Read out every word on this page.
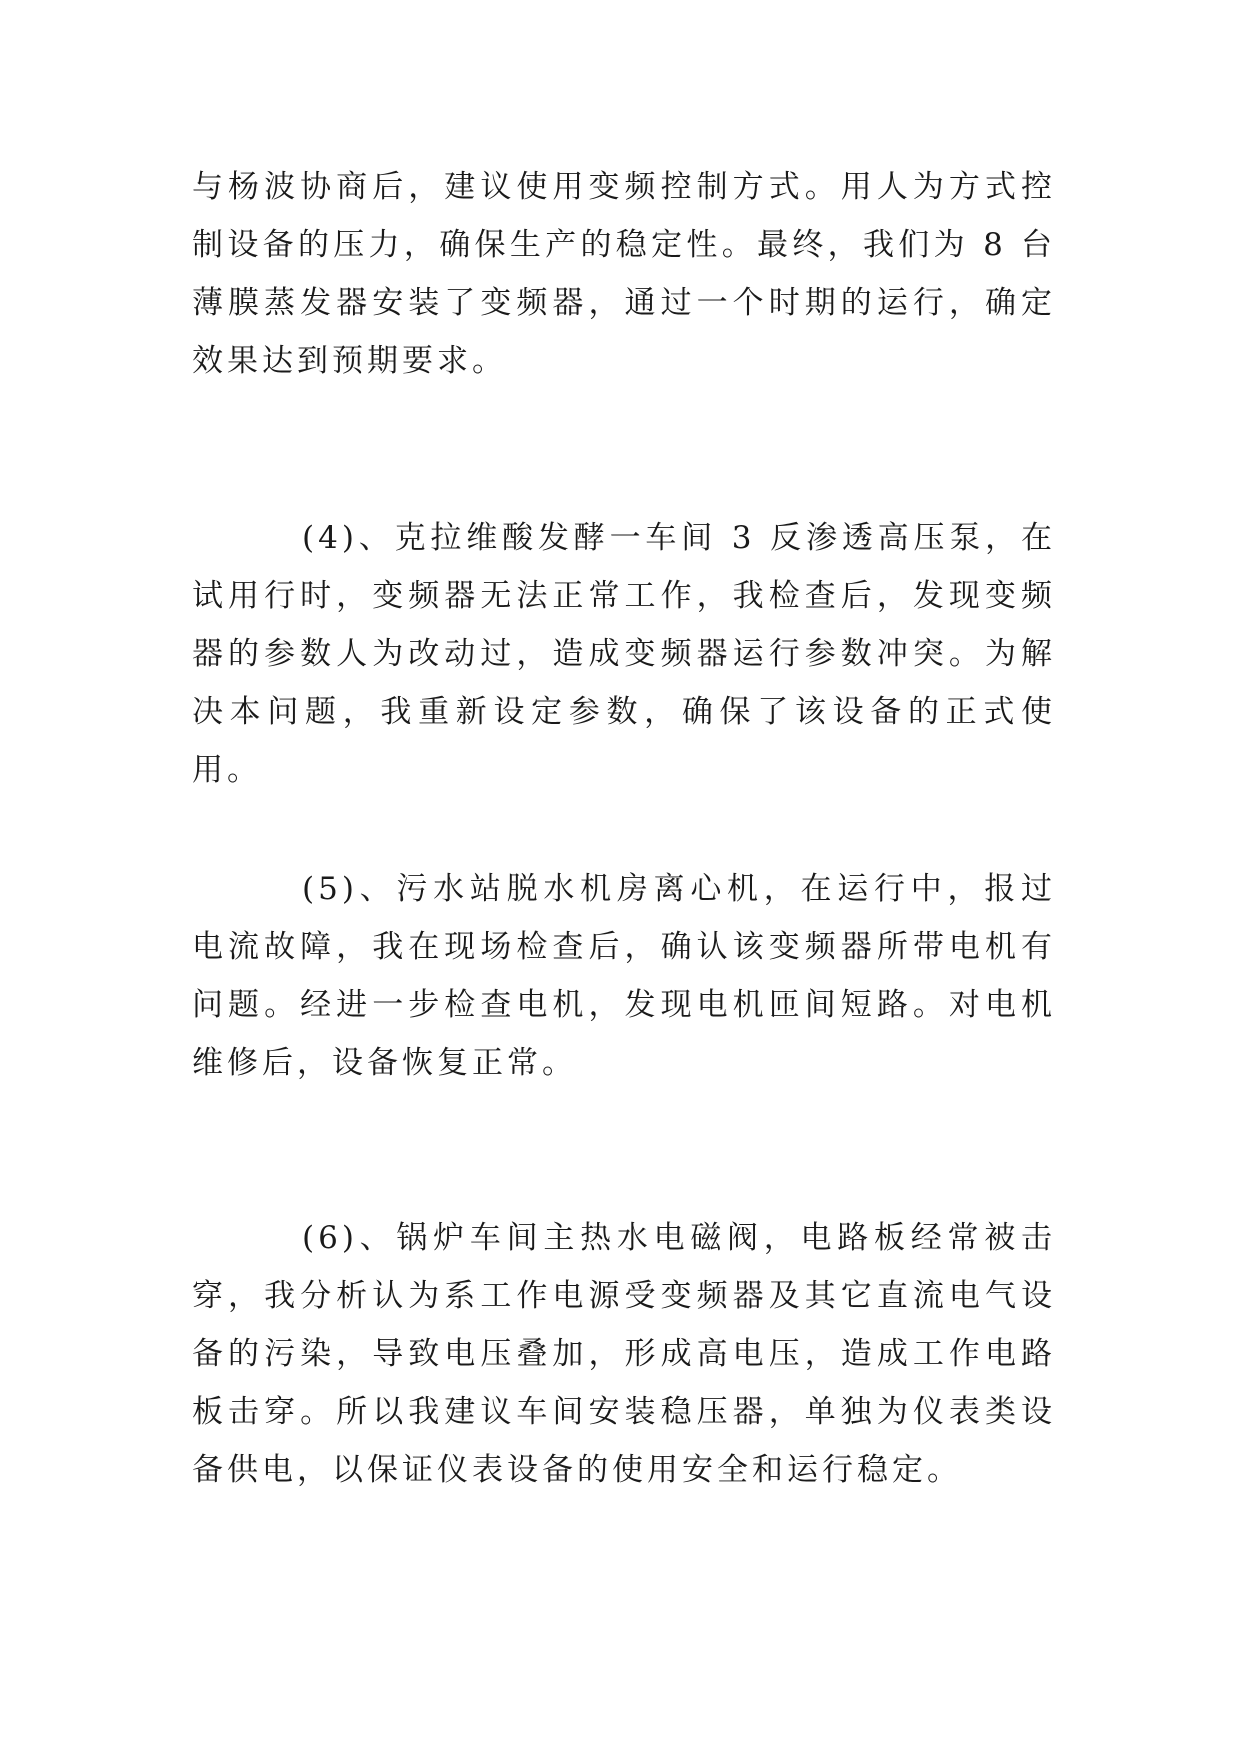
与杨波协商后，建议使用变频控制方式。用人为方式控制设备的压力，确保生产的稳定性。最终，我们为 8 台薄膜蒸发器安装了变频器，通过一个时期的运行，确定效果达到预期要求。

(4)、克拉维酸发酵一车间 3 反渗透高压泵，在试用行时，变频器无法正常工作，我检查后，发现变频器的参数人为改动过，造成变频器运行参数冲突。为解决本问题，我重新设定参数，确保了该设备的正式使用。

(5)、污水站脱水机房离心机，在运行中，报过电流故障，我在现场检查后，确认该变频器所带电机有问题。经进一步检查电机，发现电机匝间短路。对电机维修后，设备恢复正常。

(6)、锅炉车间主热水电磁阀，电路板经常被击穿，我分析认为系工作电源受变频器及其它直流电气设备的污染，导致电压叠加，形成高电压，造成工作电路板击穿。所以我建议车间安装稳压器，单独为仪表类设备供电，以保证仪表设备的使用安全和运行稳定。
